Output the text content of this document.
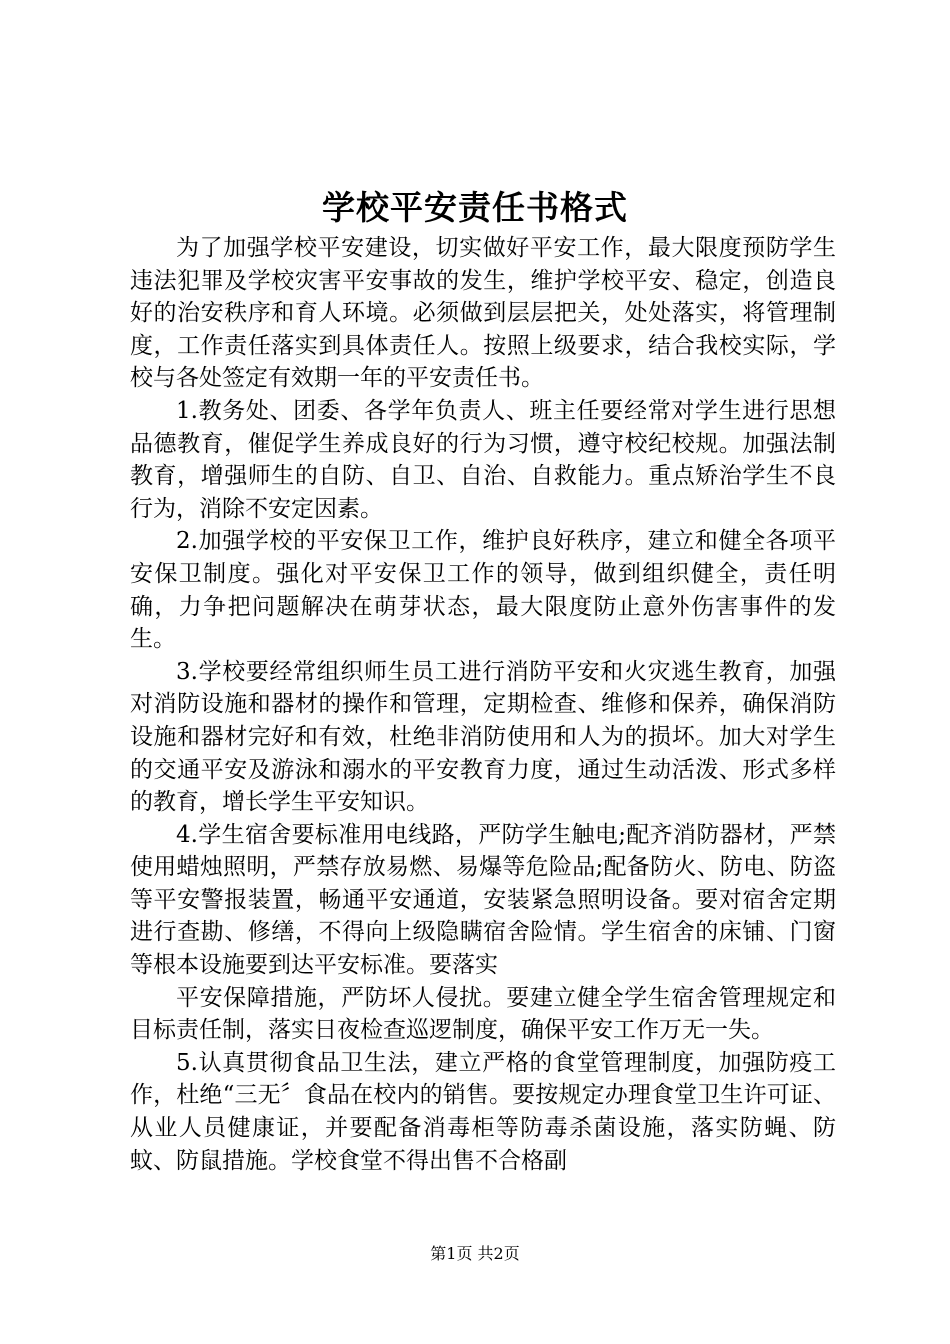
学校平安责任书格式

为了加强学校平安建设，切实做好平安工作，最大限度预防学生违法犯罪及学校灾害平安事故的发生，维护学校平安、稳定，创造良好的治安秩序和育人环境。必须做到层层把关，处处落实，将管理制度，工作责任落实到具体责任人。按照上级要求，结合我校实际，学校与各处签定有效期一年的平安责任书。

1.教务处、团委、各学年负责人、班主任要经常对学生进行思想品德教育，催促学生养成良好的行为习惯，遵守校纪校规。加强法制教育，增强师生的自防、自卫、自治、自救能力。重点矫治学生不良行为，消除不安定因素。

2.加强学校的平安保卫工作，维护良好秩序，建立和健全各项平安保卫制度。强化对平安保卫工作的领导，做到组织健全，责任明确，力争把问题解决在萌芽状态，最大限度防止意外伤害事件的发生。

3.学校要经常组织师生员工进行消防平安和火灾逃生教育，加强对消防设施和器材的操作和管理，定期检查、维修和保养，确保消防设施和器材完好和有效，杜绝非消防使用和人为的损坏。加大对学生的交通平安及游泳和溺水的平安教育力度，通过生动活泼、形式多样的教育，增长学生平安知识。

4.学生宿舍要标准用电线路，严防学生触电;配齐消防器材，严禁使用蜡烛照明，严禁存放易燃、易爆等危险品;配备防火、防电、防盗等平安警报装置，畅通平安通道，安装紧急照明设备。要对宿舍定期进行查勘、修缮，不得向上级隐瞒宿舍险情。学生宿舍的床铺、门窗等根本设施要到达平安标准。要落实

平安保障措施，严防坏人侵扰。要建立健全学生宿舍管理规定和目标责任制，落实日夜检查巡逻制度，确保平安工作万无一失。

5.认真贯彻食品卫生法，建立严格的食堂管理制度，加强防疫工作，杜绝“三无〞食品在校内的销售。要按规定办理食堂卫生许可证、从业人员健康证，并要配备消毒柜等防毒杀菌设施，落实防蝇、防蚊、防鼠措施。学校食堂不得出售不合格副

第1页 共2页
